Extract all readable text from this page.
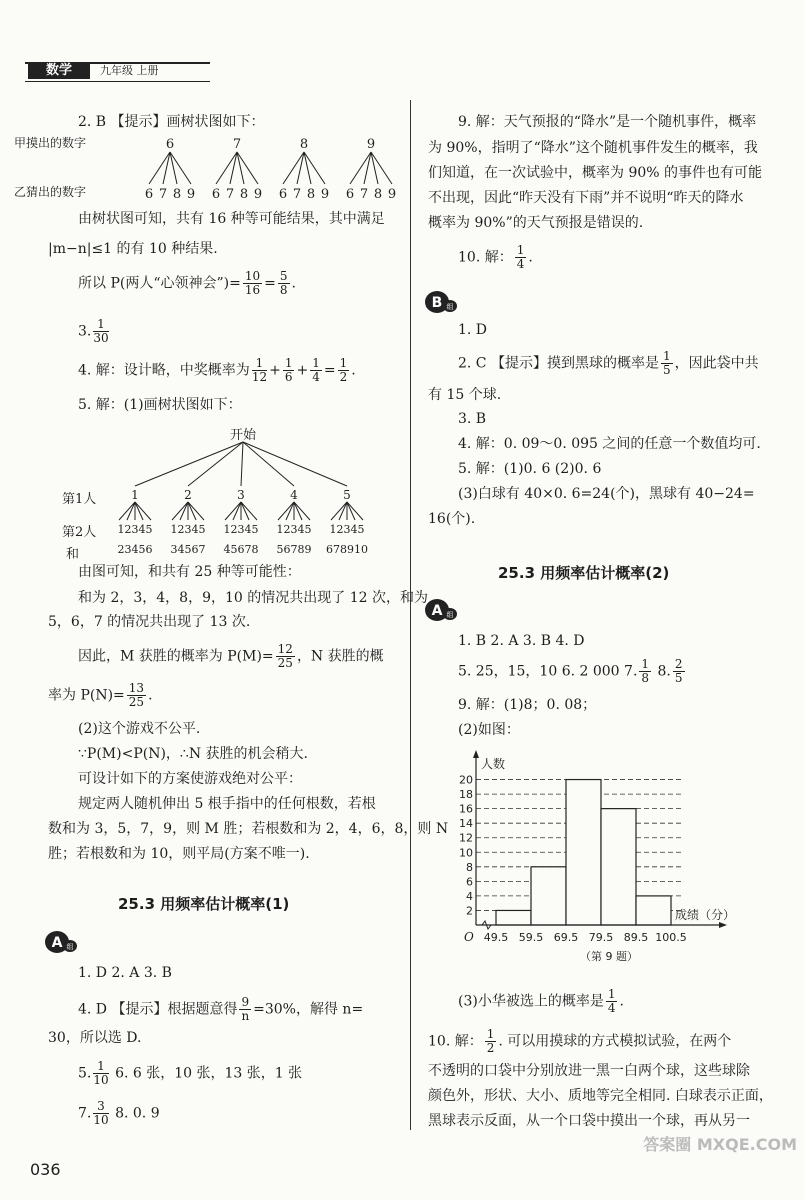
数学	九年级 上册
2. B 【提示】画树状图如下：
甲摸出的数字
乙猜出的数字
6
6 7 8 9
7
6 7 8 9
8
6 7 8 9
9
6 7 8 9
由树状图可知，共有 16 种等可能结果，其中满足
|m−n|≤1 的有 10 种结果.
所以 P(两人“心领神会”)= $\frac{10}{16} = \frac{5}{8}$ .
3. $\frac{1}{30}$
4. 解：设计略，中奖概率为 $\frac{1}{12} + \frac{1}{6} + \frac{1}{4} = \frac{1}{2}$ .
5. 解：(1)画树状图如下：
开始
第1人
第2人
和
1
12345
23456
2
12345
34567
3
12345
45678
4
12345
56789
5
12345
678910
由图可知，和共有 25 种等可能性：
和为 2，3，4，8，9，10 的情况共出现了 12 次，和为
5，6，7 的情况共出现了 13 次.
因此，M 获胜的概率为 $P(M)= \frac{12}{25}$ ，N 获胜的概
率为 $P(N)= \frac{13}{25}$ .
(2)这个游戏不公平.
∵P(M)<P(N)，∴N 获胜的机会稍大.
可设计如下的方案使游戏绝对公平：
规定两人随机伸出 5 根手指中的任何根数，若根
数和为 3，5，7，9，则 M 胜；若根数和为 2，4，6，8，则 N
胜；若根数和为 10，则平局(方案不唯一).
25.3 用频率估计概率(1)
A 组
1. D 2. A 3. B
4. D 【提示】根据题意得 $\frac{9}{n} =30\%$，解得 n=
30，所以选 D.
5. $\frac{1}{10} 6$. 6 张，10 张，13 张，1 张
7. $\frac{3}{10} 8$. 0. 9
9. 解：天气预报的“降水”是一个随机事件，概率
为 90%，指明了“降水”这个随机事件发生的概率，我
们知道，在一次试验中，概率为 90% 的事件也有可能
不出现，因此“昨天没有下雨”并不说明“昨天的降水
概率为 90%”的天气预报是错误的.
10. 解： $\frac{1}{4}$ .
B 组
1. D
2. C 【提示】摸到黑球的概率是 $\frac{1}{5}$ ，因此袋中共
有 15 个球.
3. B
4. 解：0. 09～0. 095 之间的任意一个数值均可.
5. 解：(1)0. 6 (2)0. 6
(3)白球有 40×0. 6=24(个)，黑球有 40−24=
16(个).
25.3 用频率估计概率(2)
A 组
1. B 2. A 3. B 4. D
5. 25，15，10 6. 2 000 7. $\frac{1}{8} 8$. $\frac{2}{5}$
9. 解：(1)8；0. 08；
(2)如图：
2
4
6
8
10
12
14
16
18
20
人数
成绩（分）
O 49.5 59.5 69.5 79.5 89.5 100.5
（第 9 题）
(3)小华被选上的概率是 $\frac{1}{4}$ .
10. 解： $\frac{1}{2}$ . 可以用摸球的方式模拟试验，在两个
不透明的口袋中分别放进一黑一白两个球，这些球除
颜色外，形状、大小、质地等完全相同. 白球表示正面，
黑球表示反面，从一个口袋中摸出一个球，再从另一
036
答案圈 MXQE.COM
